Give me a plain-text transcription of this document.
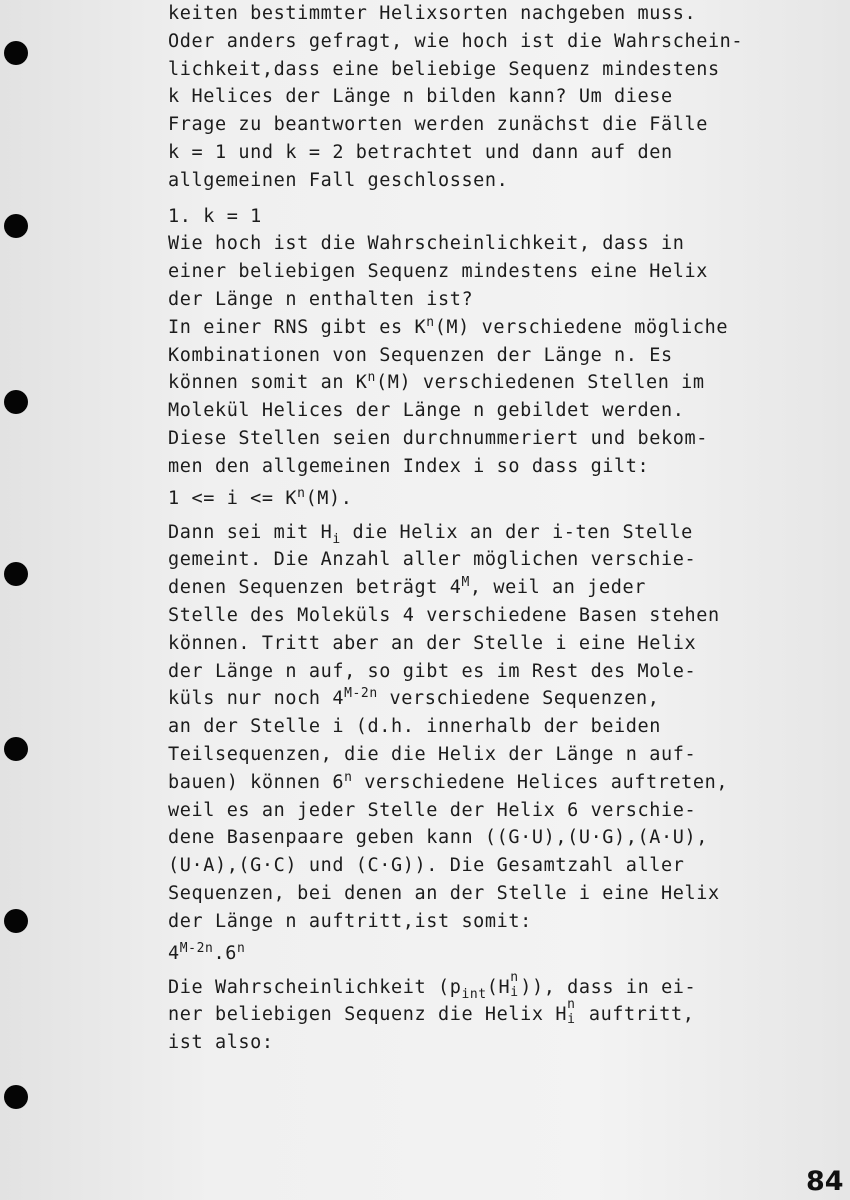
keiten bestimmter Helixsorten nachgeben muss.
Oder anders gefragt, wie hoch ist die Wahrschein-
lichkeit,dass eine beliebige Sequenz mindestens
k Helices der Länge n bilden kann? Um diese
Frage zu beantworten werden zunächst die Fälle
k = 1 und k = 2 betrachtet und dann auf den
allgemeinen Fall geschlossen.
1. k = 1
Wie hoch ist die Wahrscheinlichkeit, dass in
einer beliebigen Sequenz mindestens eine Helix
der Länge n enthalten ist?
In einer RNS gibt es $K^n(M)$ verschiedene mögliche
Kombinationen von Sequenzen der Länge n. Es
können somit an $K^n(M)$ verschiedenen Stellen im
Molekül Helices der Länge n gebildet werden.
Diese Stellen seien durchnummeriert und bekom-
men den allgemeinen Index i so dass gilt:
$1 <= i <= K^n(M)$.
Dann sei mit $H_i$ die Helix an der i-ten Stelle
gemeint. Die Anzahl aller möglichen verschie-
denen Sequenzen beträgt $4^M$, weil an jeder
Stelle des Moleküls 4 verschiedene Basen stehen
können. Tritt aber an der Stelle i eine Helix
der Länge n auf, so gibt es im Rest des Mole-
küls nur noch $4^{M-2n}$ verschiedene Sequenzen,
an der Stelle i (d.h. innerhalb der beiden
Teilsequenzen, die die Helix der Länge n auf-
bauen) können 6$^n$ verschiedene Helices auftreten,
weil es an jeder Stelle der Helix 6 verschie-
dene Basenpaare geben kann ((G·U),(U·G),(A·U),
(U·A),(G·C) und (C·G)). Die Gesamtzahl aller
Sequenzen, bei denen an der Stelle i eine Helix
der Länge n auftritt,ist somit:
$4^{M-2n}.6^n$
Die Wahrscheinlichkeit ($p_{int}(H$ n
i )), dass in ei-
ner beliebigen Sequenz die Helix H n
i auftritt,
ist also:
84
